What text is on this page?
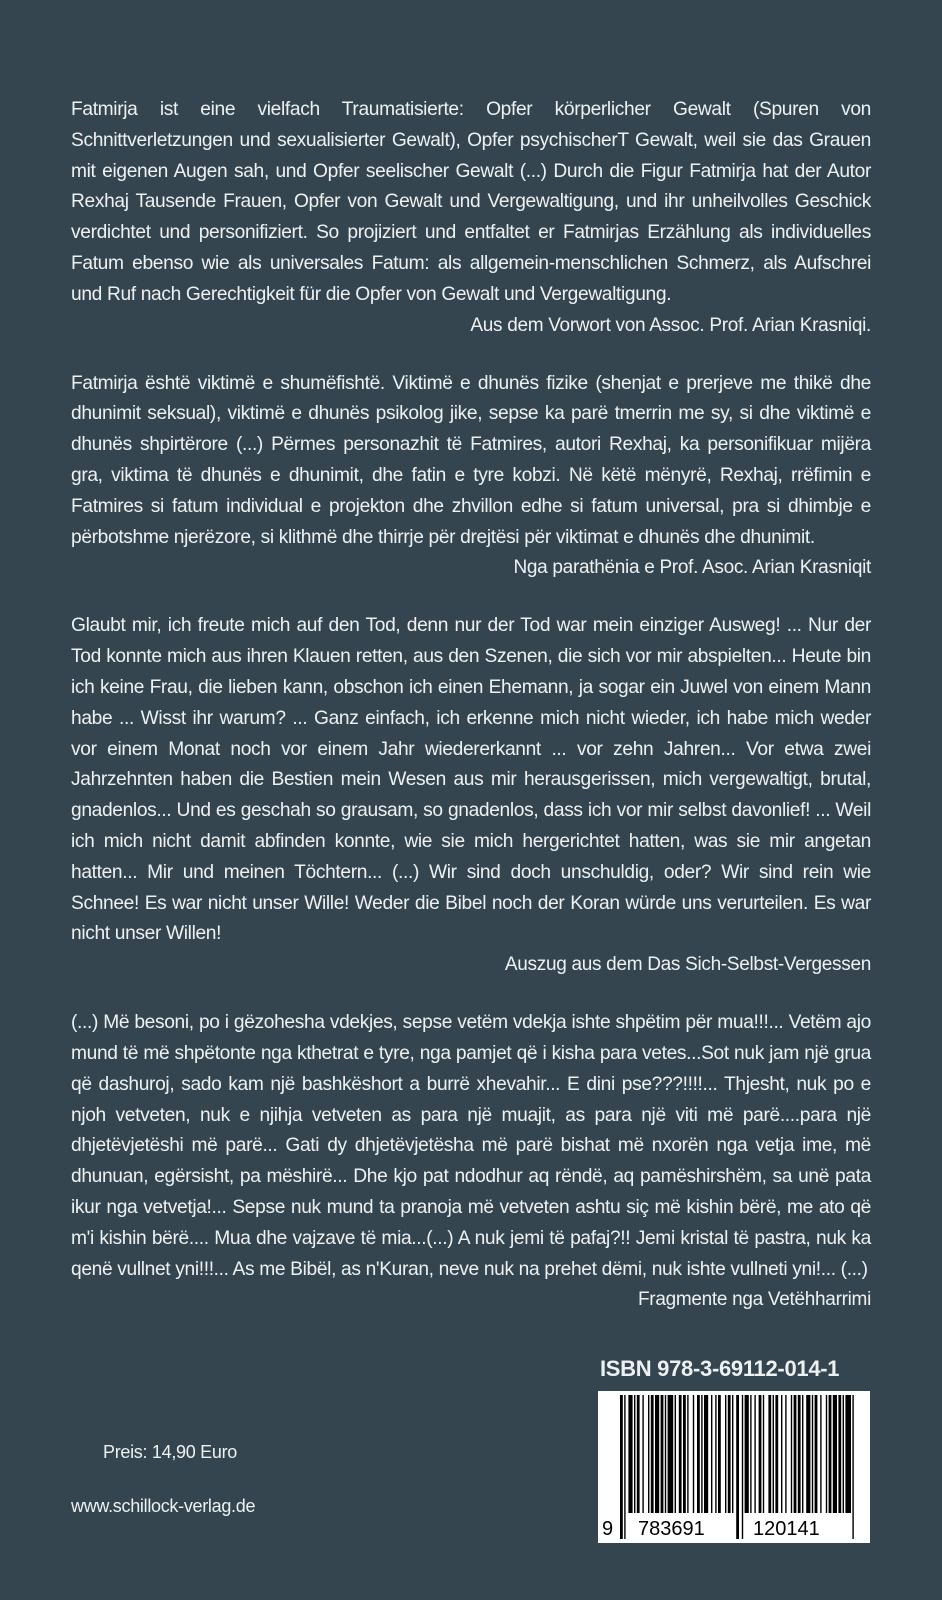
Fatmirja ist eine vielfach Traumatisierte: Opfer körperlicher Gewalt (Spuren von Schnittverletzungen und sexualisierter Gewalt), Opfer psychischerT Gewalt, weil sie das Grauen mit eigenen Augen sah, und Opfer seelischer Gewalt (...) Durch die Figur Fatmirja hat der Autor Rexhaj Tausende Frauen, Opfer von Gewalt und Vergewaltigung, und ihr unheilvolles Geschick verdichtet und personifiziert. So projiziert und entfaltet er Fatmirjas Erzählung als individuelles Fatum ebenso wie als universales Fatum: als allgemein-menschlichen Schmerz, als Aufschrei und Ruf nach Gerechtigkeit für die Opfer von Gewalt und Vergewaltigung.

Aus dem Vorwort von Assoc. Prof. Arian Krasniqi.

Fatmirja është viktimë e shumëfishtë. Viktimë e dhunës fizike (shenjat e prerjeve me thikë dhe dhunimit seksual), viktimë e dhunës psikolog jike, sepse ka parë tmerrin me sy, si dhe viktimë e dhunës shpirtërore (...) Përmes personazhit të Fatmires, autori Rexhaj, ka personifikuar mijëra gra, viktima të dhunës e dhunimit, dhe fatin e tyre kobzi. Në këtë mënyrë, Rexhaj, rrëfimin e Fatmires si fatum individual e projekton dhe zhvillon edhe si fatum universal, pra si dhimbje e përbotshme njerëzore, si klithmë dhe thirrje për drejtësi për viktimat e dhunës dhe dhunimit.

Nga parathënia e Prof. Asoc. Arian Krasniqit

Glaubt mir, ich freute mich auf den Tod, denn nur der Tod war mein einziger Ausweg! ... Nur der Tod konnte mich aus ihren Klauen retten, aus den Szenen, die sich vor mir abspielten... Heute bin ich keine Frau, die lieben kann, obschon ich einen Ehemann, ja sogar ein Juwel von einem Mann habe ... Wisst ihr warum? ... Ganz einfach, ich erkenne mich nicht wieder, ich habe mich weder vor einem Monat noch vor einem Jahr wiedererkannt ... vor zehn Jahren... Vor etwa zwei Jahrzehnten haben die Bestien mein Wesen aus mir herausgerissen, mich vergewaltigt, brutal, gnadenlos... Und es geschah so grausam, so gnadenlos, dass ich vor mir selbst davonlief! ... Weil ich mich nicht damit abfinden konnte, wie sie mich hergerichtet hatten, was sie mir angetan hatten... Mir und meinen Töchtern... (...) Wir sind doch unschuldig, oder? Wir sind rein wie Schnee! Es war nicht unser Wille! Weder die Bibel noch der Koran würde uns verurteilen. Es war nicht unser Willen!

Auszug aus dem Das Sich-Selbst-Vergessen

(...) Më besoni, po i gëzohesha vdekjes, sepse vetëm vdekja ishte shpëtim për mua!!!... Vetëm ajo mund të më shpëtonte nga kthetrat e tyre, nga pamjet që i kisha para vetes...Sot nuk jam një grua që dashuroj, sado kam një bashkëshort a burrë xhevahir... E dini pse???!!!!... Thjesht, nuk po e njoh vetveten, nuk e njihja vetveten as para një muajit, as para një viti më parë....para një dhjetëvjetëshi më parë... Gati dy dhjetëvjetësha më parë bishat më nxorën nga vetja ime, më dhunuan, egërsisht, pa mëshirë... Dhe kjo pat ndodhur aq rëndë, aq pamëshirshëm, sa unë pata ikur nga vetvetja!... Sepse nuk mund ta pranoja më vetveten ashtu siç më kishin bërë, me ato që m'i kishin bërë.... Mua dhe vajzave të mia...(...) A nuk jemi të pafaj?!! Jemi kristal të pastra, nuk ka qenë vullnet yni!!!... As me Bibël, as n'Kuran, neve nuk na prehet dëmi, nuk ishte vullneti yni!... (...)

Fragmente nga Vetëhharrimi

Preis: 14,90 Euro
www.schillock-verlag.de
ISBN 978-3-69112-014-1
9 783691 120141
